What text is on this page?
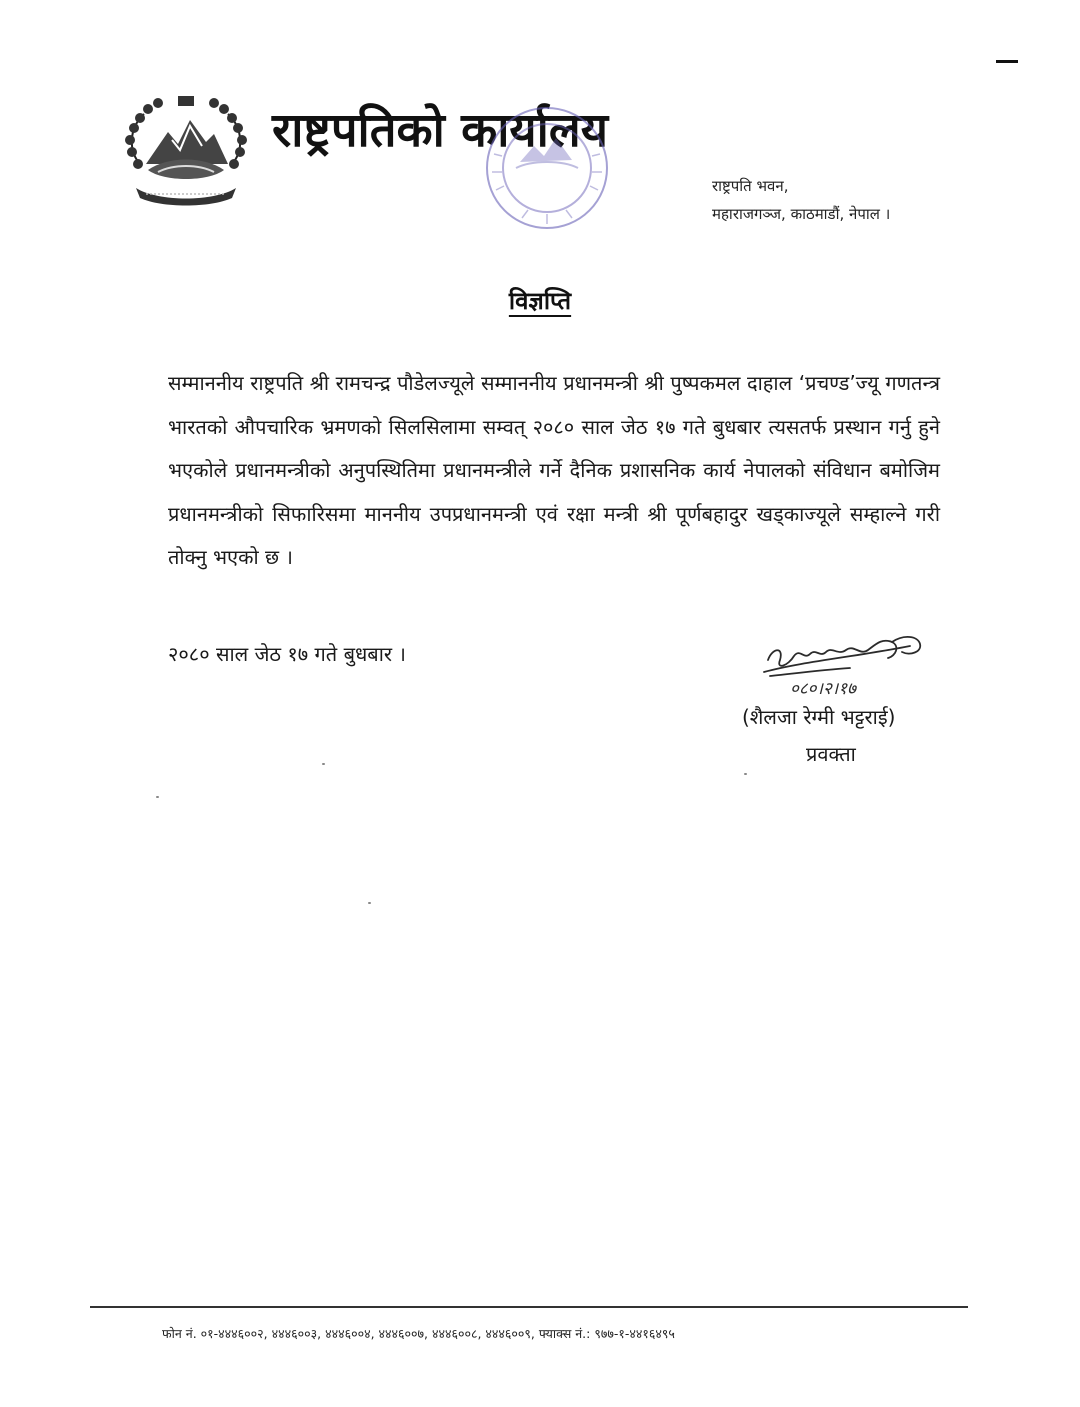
राष्ट्रपतिको कार्यालय
राष्ट्रपति भवन,
महाराजगञ्ज, काठमाडौं, नेपाल ।
विज्ञप्ति
सम्माननीय राष्ट्रपति श्री रामचन्द्र पौडेलज्यूले सम्माननीय प्रधानमन्त्री श्री पुष्पकमल दाहाल ‘प्रचण्ड’ज्यू गणतन्त्र भारतको औपचारिक भ्रमणको सिलसिलामा सम्वत् २०८० साल जेठ १७ गते बुधबार त्यसतर्फ प्रस्थान गर्नु हुने भएकोले प्रधानमन्त्रीको अनुपस्थितिमा प्रधानमन्त्रीले गर्ने दैनिक प्रशासनिक कार्य नेपालको संविधान बमोजिम प्रधानमन्त्रीको सिफारिसमा माननीय उपप्रधानमन्त्री एवं रक्षा मन्त्री श्री पूर्णबहादुर खड्काज्यूले सम्हाल्ने गरी तोक्नु भएको छ ।
२०८० साल जेठ १७ गते बुधबार ।
०८०।२।१७
(शैलजा रेग्मी भट्टराई)
प्रवक्ता
फोन नं. ०१-४४४६००२, ४४४६००३, ४४४६००४, ४४४६००७, ४४४६००८, ४४४६००९, फ्याक्स नं.: ९७७-१-४४१६४९५
